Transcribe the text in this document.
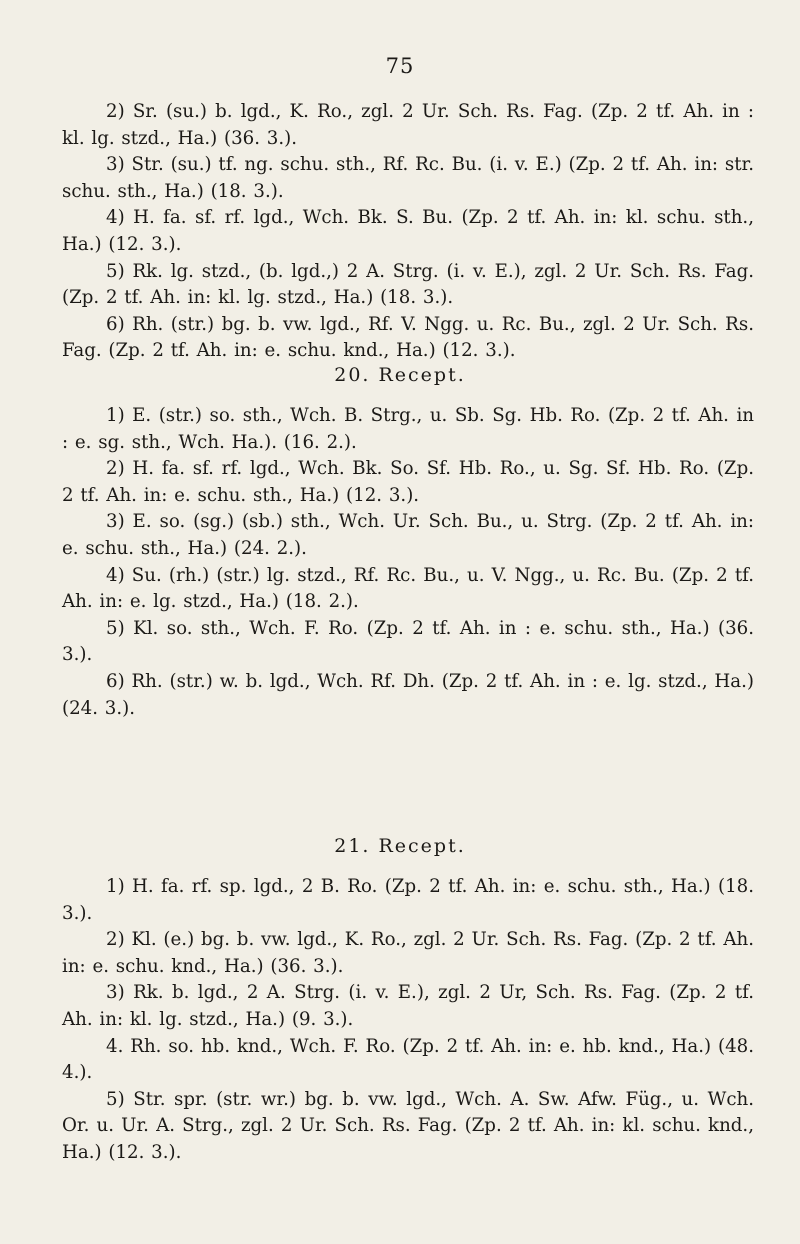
75

2) Sr. (su.) b. lgd., K. Ro., zgl. 2 Ur. Sch. Rs. Fag. (Zp. 2 tf. Ah. in : kl. lg. stzd., Ha.) (36. 3.).

3) Str. (su.) tf. ng. schu. sth., Rf. Rc. Bu. (i. v. E.) (Zp. 2 tf. Ah. in: str. schu. sth., Ha.) (18. 3.).

4) H. fa. sf. rf. lgd., Wch. Bk. S. Bu. (Zp. 2 tf. Ah. in: kl. schu. sth., Ha.) (12. 3.).

5) Rk. lg. stzd., (b. lgd.,) 2 A. Strg. (i. v. E.), zgl. 2 Ur. Sch. Rs. Fag. (Zp. 2 tf. Ah. in: kl. lg. stzd., Ha.) (18. 3.).

6) Rh. (str.) bg. b. vw. lgd., Rf. V. Ngg. u. Rc. Bu., zgl. 2 Ur. Sch. Rs. Fag. (Zp. 2 tf. Ah. in: e. schu. knd., Ha.) (12. 3.).

20. Recept.

1) E. (str.) so. sth., Wch. B. Strg., u. Sb. Sg. Hb. Ro. (Zp. 2 tf. Ah. in : e. sg. sth., Wch. Ha.). (16. 2.).

2) H. fa. sf. rf. lgd., Wch. Bk. So. Sf. Hb. Ro., u. Sg. Sf. Hb. Ro. (Zp. 2 tf. Ah. in: e. schu. sth., Ha.) (12. 3.).

3) E. so. (sg.) (sb.) sth., Wch. Ur. Sch. Bu., u. Strg. (Zp. 2 tf. Ah. in: e. schu. sth., Ha.) (24. 2.).

4) Su. (rh.) (str.) lg. stzd., Rf. Rc. Bu., u. V. Ngg., u. Rc. Bu. (Zp. 2 tf. Ah. in: e. lg. stzd., Ha.) (18. 2.).

5) Kl. so. sth., Wch. F. Ro. (Zp. 2 tf. Ah. in : e. schu. sth., Ha.) (36. 3.).

6) Rh. (str.) w. b. lgd., Wch. Rf. Dh. (Zp. 2 tf. Ah. in : e. lg. stzd., Ha.) (24. 3.).

21. Recept.

1) H. fa. rf. sp. lgd., 2 B. Ro. (Zp. 2 tf. Ah. in: e. schu. sth., Ha.) (18. 3.).

2) Kl. (e.) bg. b. vw. lgd., K. Ro., zgl. 2 Ur. Sch. Rs. Fag. (Zp. 2 tf. Ah. in: e. schu. knd., Ha.) (36. 3.).

3) Rk. b. lgd., 2 A. Strg. (i. v. E.), zgl. 2 Ur, Sch. Rs. Fag. (Zp. 2 tf. Ah. in: kl. lg. stzd., Ha.) (9. 3.).

4. Rh. so. hb. knd., Wch. F. Ro. (Zp. 2 tf. Ah. in: e. hb. knd., Ha.) (48. 4.).

5) Str. spr. (str. wr.) bg. b. vw. lgd., Wch. A. Sw. Afw. Füg., u. Wch. Or. u. Ur. A. Strg., zgl. 2 Ur. Sch. Rs. Fag. (Zp. 2 tf. Ah. in: kl. schu. knd., Ha.) (12. 3.).
